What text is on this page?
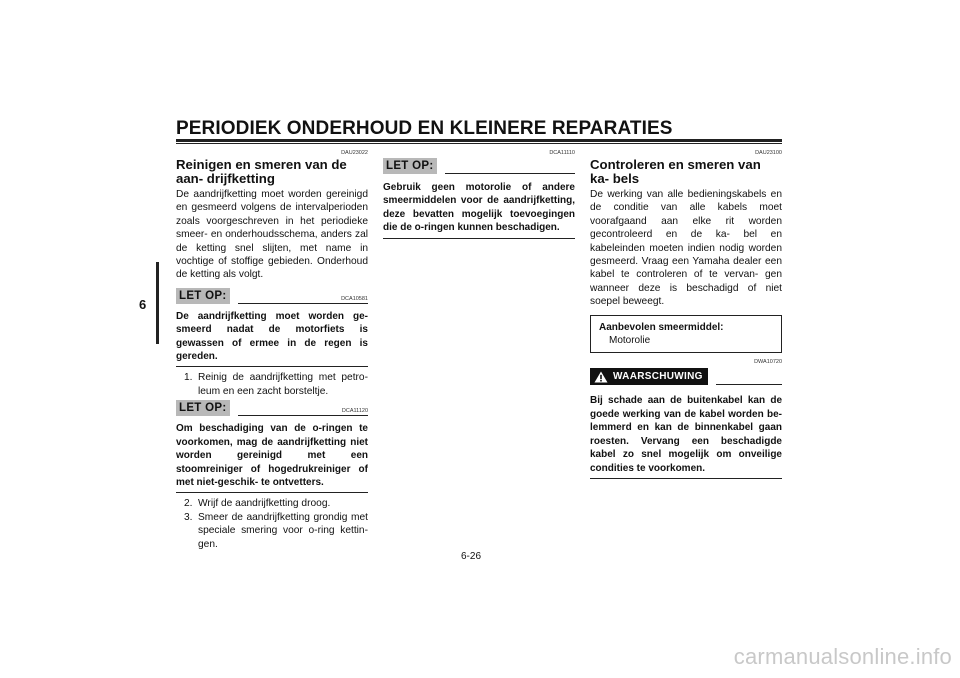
PERIODIEK ONDERHOUD EN KLEINERE REPARATIES
6
DAU23022
Reinigen en smeren van de aan- drijfketting
De aandrijfketting moet worden gereinigd en gesmeerd volgens de intervalperioden zoals voorgeschreven in het periodieke smeer- en onderhoudsschema, anders zal de ketting snel slijten, met name in vochtige of stoffige gebieden. Onderhoud de ketting als volgt.
LET OP:	DCA10581
De aandrijfketting moet worden ge- smeerd nadat de motorfiets is gewassen of ermee in de regen is gereden.
1. Reinig de aandrijfketting met petro- leum en een zacht borsteltje.
LET OP:	DCA11120
Om beschadiging van de o-ringen te voorkomen, mag de aandrijfketting niet worden gereinigd met een stoomreiniger of hogedrukreiniger of met niet-geschik- te ontvetters.
2. Wrijf de aandrijfketting droog.
3. Smeer de aandrijfketting grondig met speciale smering voor o-ring kettin- gen.
DCA11110
LET OP:
Gebruik geen motorolie of andere smeermiddelen voor de aandrijfketting, deze bevatten mogelijk toevoegingen die de o-ringen kunnen beschadigen.
DAU23100
Controleren en smeren van ka- bels
De werking van alle bedieningskabels en de conditie van alle kabels moet voorafgaand aan elke rit worden gecontroleerd en de ka- bel en kabeleinden moeten indien nodig worden gesmeerd. Vraag een Yamaha dealer een kabel te controleren of te vervan- gen wanneer deze is beschadigd of niet soepel beweegt.
Aanbevolen smeermiddel:
Motorolie
DWA10720
WAARSCHUWING
Bij schade aan de buitenkabel kan de goede werking van de kabel worden be- lemmerd en kan de binnenkabel gaan roesten. Vervang een beschadigde kabel zo snel mogelijk om onveilige condities te voorkomen.
6-26
carmanualsonline.info
